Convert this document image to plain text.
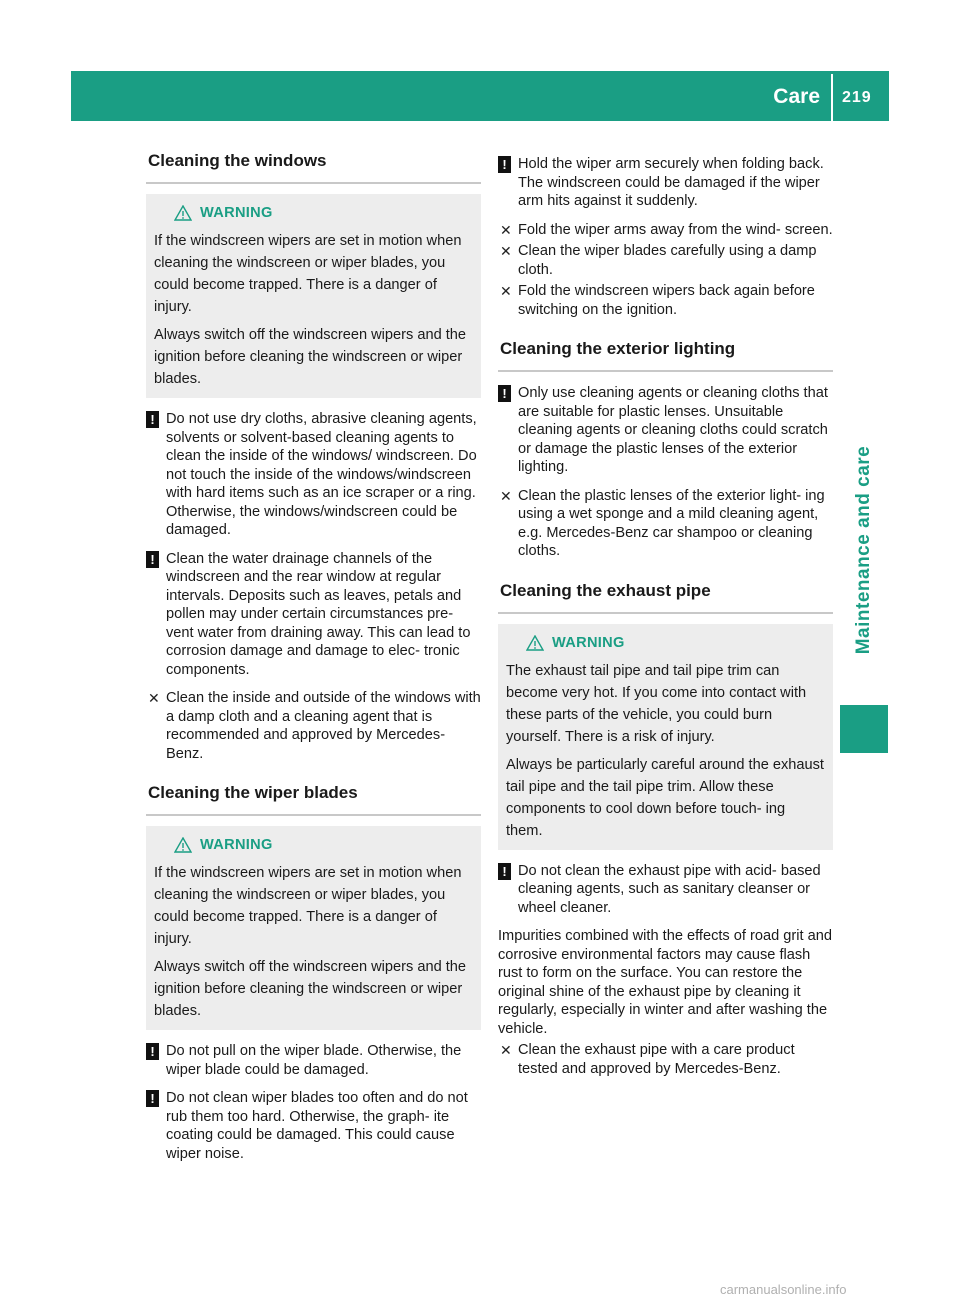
Care 219
Maintenance and care
Cleaning the windows
WARNING

If the windscreen wipers are set in motion when cleaning the windscreen or wiper blades, you could become trapped. There is a danger of injury.

Always switch off the windscreen wipers and the ignition before cleaning the windscreen or wiper blades.

! Do not use dry cloths, abrasive cleaning agents, solvents or solvent-based cleaning agents to clean the inside of the windows/ windscreen. Do not touch the inside of the windows/windscreen with hard items such as an ice scraper or a ring. Otherwise, the windows/windscreen could be damaged.
! Clean the water drainage channels of the windscreen and the rear window at regular intervals. Deposits such as leaves, petals and pollen may under certain circumstances pre- vent water from draining away. This can lead to corrosion damage and damage to elec- tronic components.
✕ Clean the inside and outside of the windows with a damp cloth and a cleaning agent that is recommended and approved by Mercedes- Benz.
Cleaning the wiper blades
WARNING

If the windscreen wipers are set in motion when cleaning the windscreen or wiper blades, you could become trapped. There is a danger of injury.

Always switch off the windscreen wipers and the ignition before cleaning the windscreen or wiper blades.

! Do not pull on the wiper blade. Otherwise, the wiper blade could be damaged.
! Do not clean wiper blades too often and do not rub them too hard. Otherwise, the graph- ite coating could be damaged. This could cause wiper noise.
! Hold the wiper arm securely when folding back. The windscreen could be damaged if the wiper arm hits against it suddenly.
✕ Fold the wiper arms away from the wind- screen.
✕ Clean the wiper blades carefully using a damp cloth.
✕ Fold the windscreen wipers back again before switching on the ignition.
Cleaning the exterior lighting
! Only use cleaning agents or cleaning cloths that are suitable for plastic lenses. Unsuitable cleaning agents or cleaning cloths could scratch or damage the plastic lenses of the exterior lighting.
✕ Clean the plastic lenses of the exterior light- ing using a wet sponge and a mild cleaning agent, e.g. Mercedes-Benz car shampoo or cleaning cloths.
Cleaning the exhaust pipe
WARNING

The exhaust tail pipe and tail pipe trim can become very hot. If you come into contact with these parts of the vehicle, you could burn yourself. There is a risk of injury.

Always be particularly careful around the exhaust tail pipe and the tail pipe trim. Allow these components to cool down before touch- ing them.

! Do not clean the exhaust pipe with acid- based cleaning agents, such as sanitary cleanser or wheel cleaner.
Impurities combined with the effects of road grit and corrosive environmental factors may cause flash rust to form on the surface. You can restore the original shine of the exhaust pipe by cleaning it regularly, especially in winter and after washing the vehicle.
✕ Clean the exhaust pipe with a care product tested and approved by Mercedes-Benz.
carmanualsonline.info
